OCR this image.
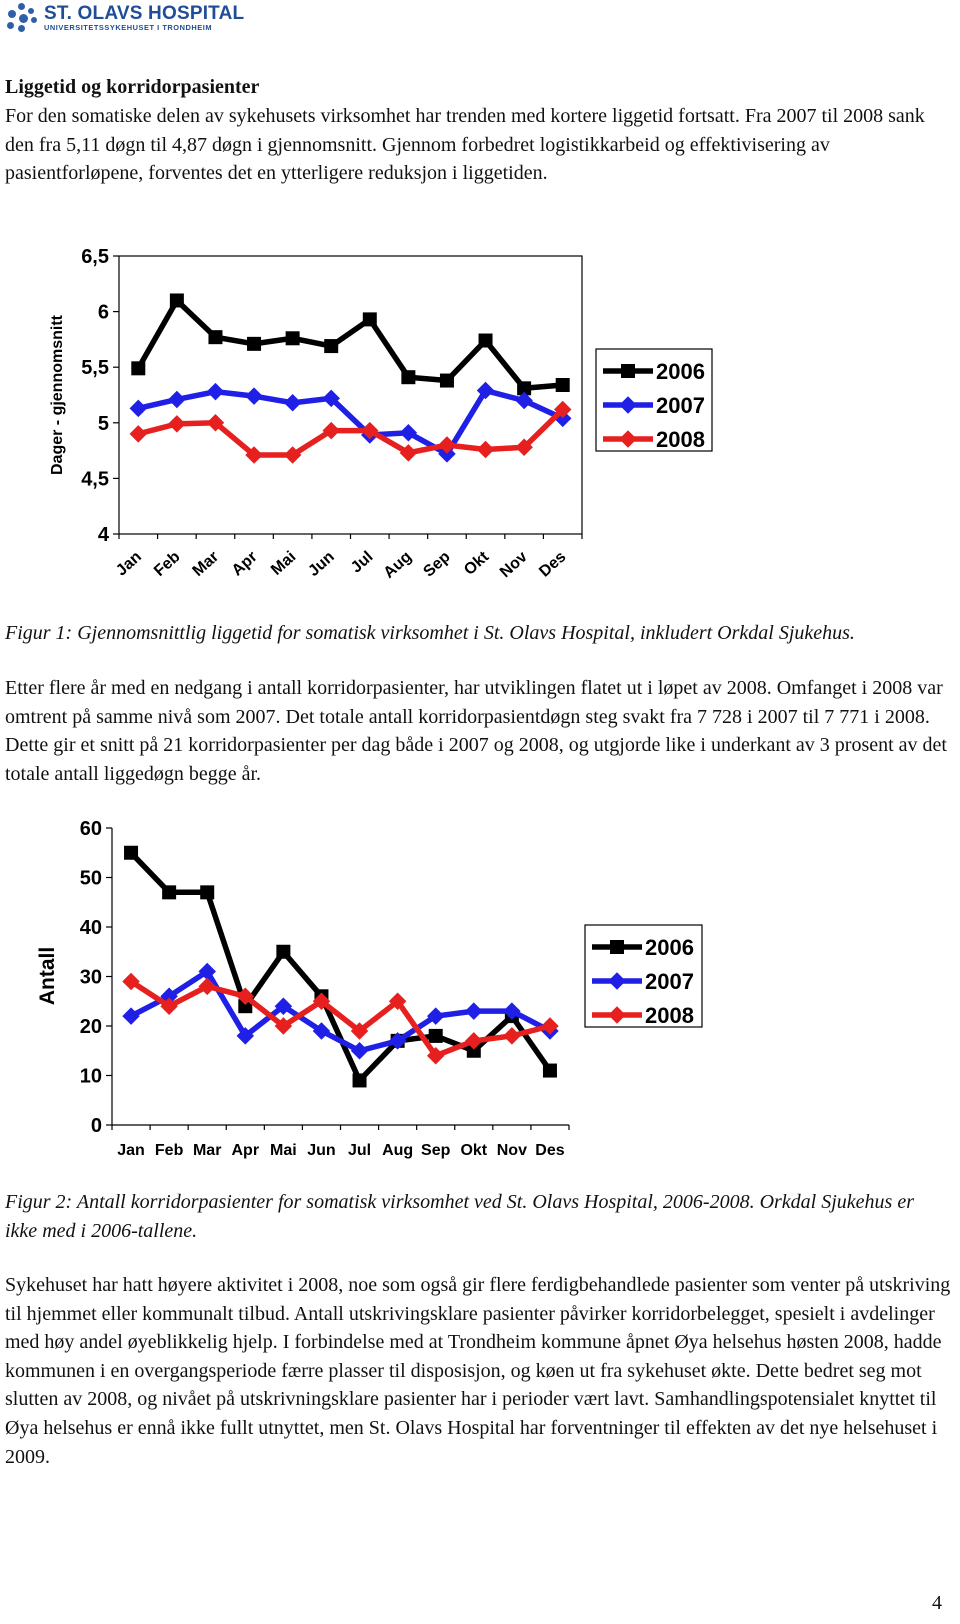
ST. OLAVS HOSPITAL
UNIVERSITETSSYKEHUSET I TRONDHEIM
Liggetid og korridorpasienter

For den somatiske delen av sykehusets virksomhet har trenden med kortere liggetid fortsatt. Fra 2007 til 2008 sank den fra 5,11 døgn til 4,87 døgn i gjennomsnitt. Gjennom forbedret logistikkarbeid og effektivisering av pasientforløpene, forventes det en ytterligere reduksjon i liggetiden.

4
4,5
5
5,5
6
6,5
Jan Feb Mar Apr Mai Jun Jul Aug Sep Okt Nov Des
Dager - gjennomsnitt	2006
2007
2008

Figur 1: Gjennomsnittlig liggetid for somatisk virksomhet i St. Olavs Hospital, inkludert Orkdal Sjukehus.

Etter flere år med en nedgang i antall korridorpasienter, har utviklingen flatet ut i løpet av 2008. Omfanget i 2008 var omtrent på samme nivå som 2007. Det totale antall korridorpasientdøgn steg svakt fra 7 728 i 2007 til 7 771 i 2008. Dette gir et snitt på 21 korridorpasienter per dag både i 2007 og 2008, og utgjorde like i underkant av 3 prosent av det totale antall liggedøgn begge år.

0
10
20
30
40
50
60
Jan Feb Mar Apr Mai Jun Jul Aug Sep Okt Nov Des
Antall	2006
2007
2008

Figur 2: Antall korridorpasienter for somatisk virksomhet ved St. Olavs Hospital, 2006-2008. Orkdal Sjukehus er ikke med i 2006-tallene.

Sykehuset har hatt høyere aktivitet i 2008, noe som også gir flere ferdigbehandlede pasienter som venter på utskriving til hjemmet eller kommunalt tilbud. Antall utskrivingsklare pasienter påvirker korridorbelegget, spesielt i avdelinger med høy andel øyeblikkelig hjelp. I forbindelse med at Trondheim kommune åpnet Øya helsehus høsten 2008, hadde kommunen i en overgangsperiode færre plasser til disposisjon, og køen ut fra sykehuset økte. Dette bedret seg mot slutten av 2008, og nivået på utskrivningsklare pasienter har i perioder vært lavt. Samhandlingspotensialet knyttet til Øya helsehus er ennå ikke fullt utnyttet, men St. Olavs Hospital har forventninger til effekten av det nye helsehuset i 2009.

4
